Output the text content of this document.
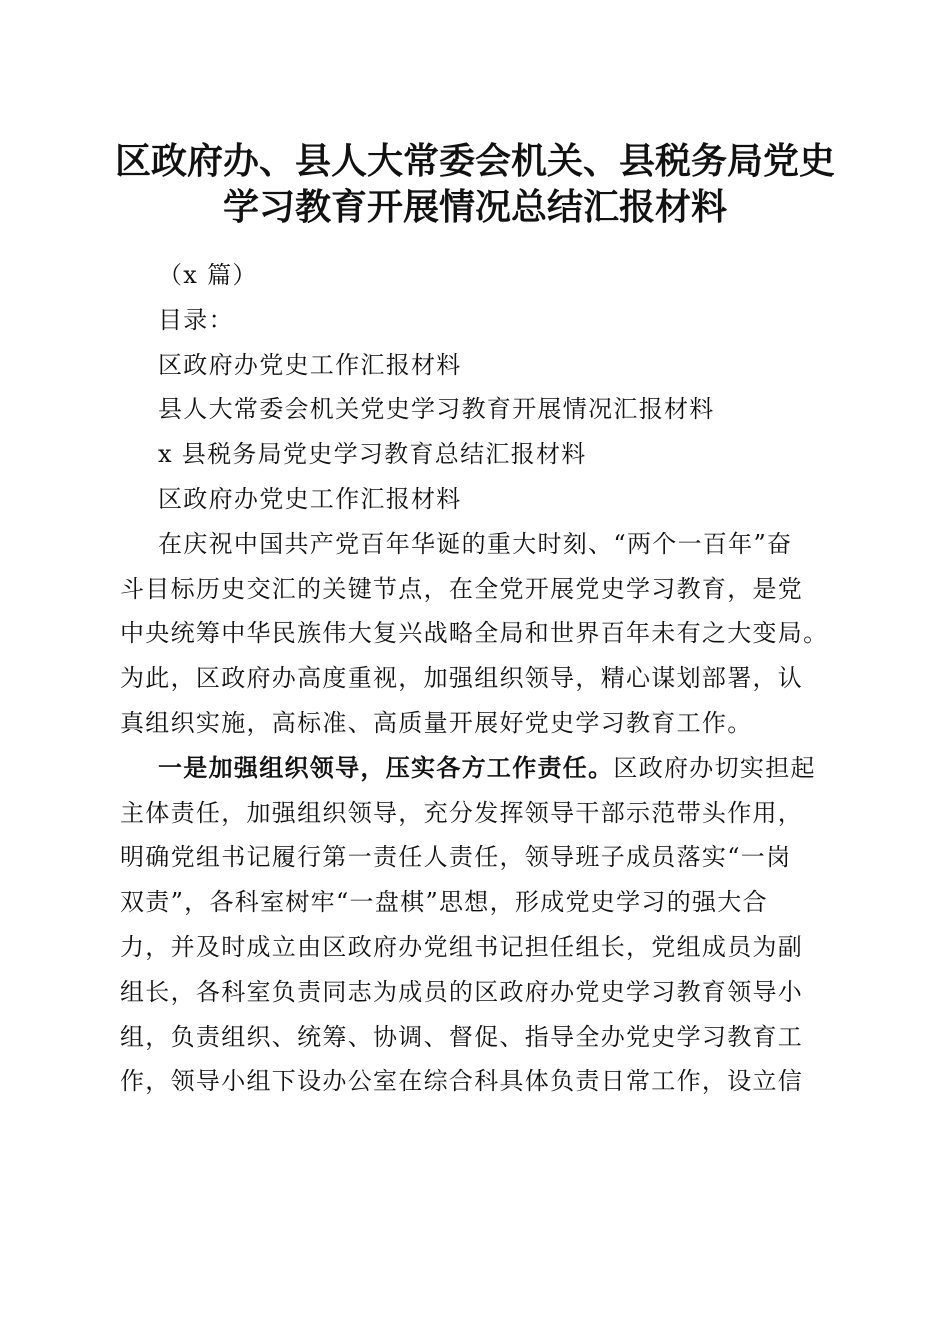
区政府办、县人大常委会机关、县税务局党史
学习教育开展情况总结汇报材料
（x 篇）
目录：
区政府办党史工作汇报材料
县人大常委会机关党史学习教育开展情况汇报材料
x 县税务局党史学习教育总结汇报材料
区政府办党史工作汇报材料
在庆祝中国共产党百年华诞的重大时刻、“两个一百年”奋
斗目标历史交汇的关键节点，在全党开展党史学习教育，是党
中央统筹中华民族伟大复兴战略全局和世界百年未有之大变局。
为此，区政府办高度重视，加强组织领导，精心谋划部署，认
真组织实施，高标准、高质量开展好党史学习教育工作。
一是加强组织领导，压实各方工作责任。区政府办切实担起
主体责任，加强组织领导，充分发挥领导干部示范带头作用，
明确党组书记履行第一责任人责任，领导班子成员落实“一岗
双责”，各科室树牢“一盘棋”思想，形成党史学习的强大合
力，并及时成立由区政府办党组书记担任组长，党组成员为副
组长，各科室负责同志为成员的区政府办党史学习教育领导小
组，负责组织、统筹、协调、督促、指导全办党史学习教育工
作，领导小组下设办公室在综合科具体负责日常工作，设立信
